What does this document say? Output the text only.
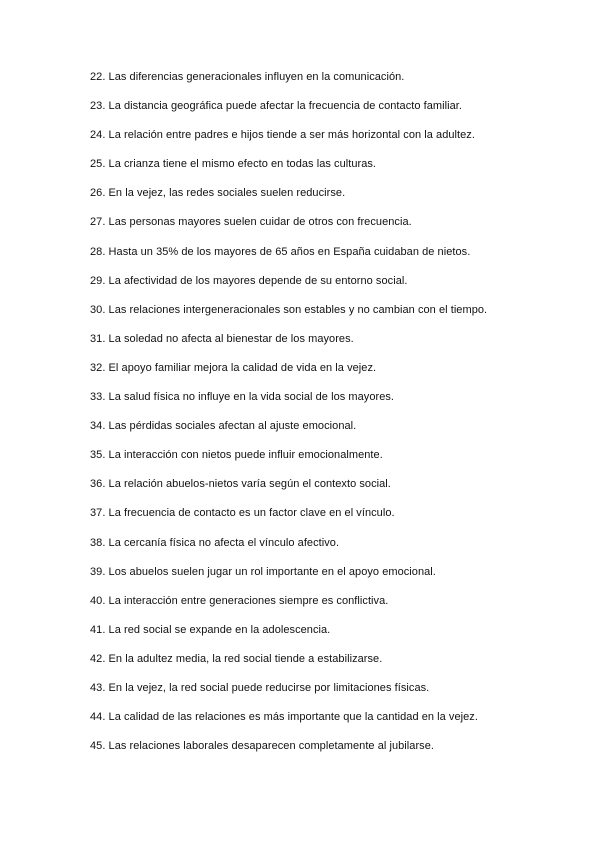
22. Las diferencias generacionales influyen en la comunicación.
23. La distancia geográfica puede afectar la frecuencia de contacto familiar.
24. La relación entre padres e hijos tiende a ser más horizontal con la adultez.
25. La crianza tiene el mismo efecto en todas las culturas.
26. En la vejez, las redes sociales suelen reducirse.
27. Las personas mayores suelen cuidar de otros con frecuencia.
28. Hasta un 35% de los mayores de 65 años en España cuidaban de nietos.
29. La afectividad de los mayores depende de su entorno social.
30. Las relaciones intergeneracionales son estables y no cambian con el tiempo.
31. La soledad no afecta al bienestar de los mayores.
32. El apoyo familiar mejora la calidad de vida en la vejez.
33. La salud física no influye en la vida social de los mayores.
34. Las pérdidas sociales afectan al ajuste emocional.
35. La interacción con nietos puede influir emocionalmente.
36. La relación abuelos-nietos varía según el contexto social.
37. La frecuencia de contacto es un factor clave en el vínculo.
38. La cercanía física no afecta el vínculo afectivo.
39. Los abuelos suelen jugar un rol importante en el apoyo emocional.
40. La interacción entre generaciones siempre es conflictiva.
41. La red social se expande en la adolescencia.
42. En la adultez media, la red social tiende a estabilizarse.
43. En la vejez, la red social puede reducirse por limitaciones físicas.
44. La calidad de las relaciones es más importante que la cantidad en la vejez.
45. Las relaciones laborales desaparecen completamente al jubilarse.
